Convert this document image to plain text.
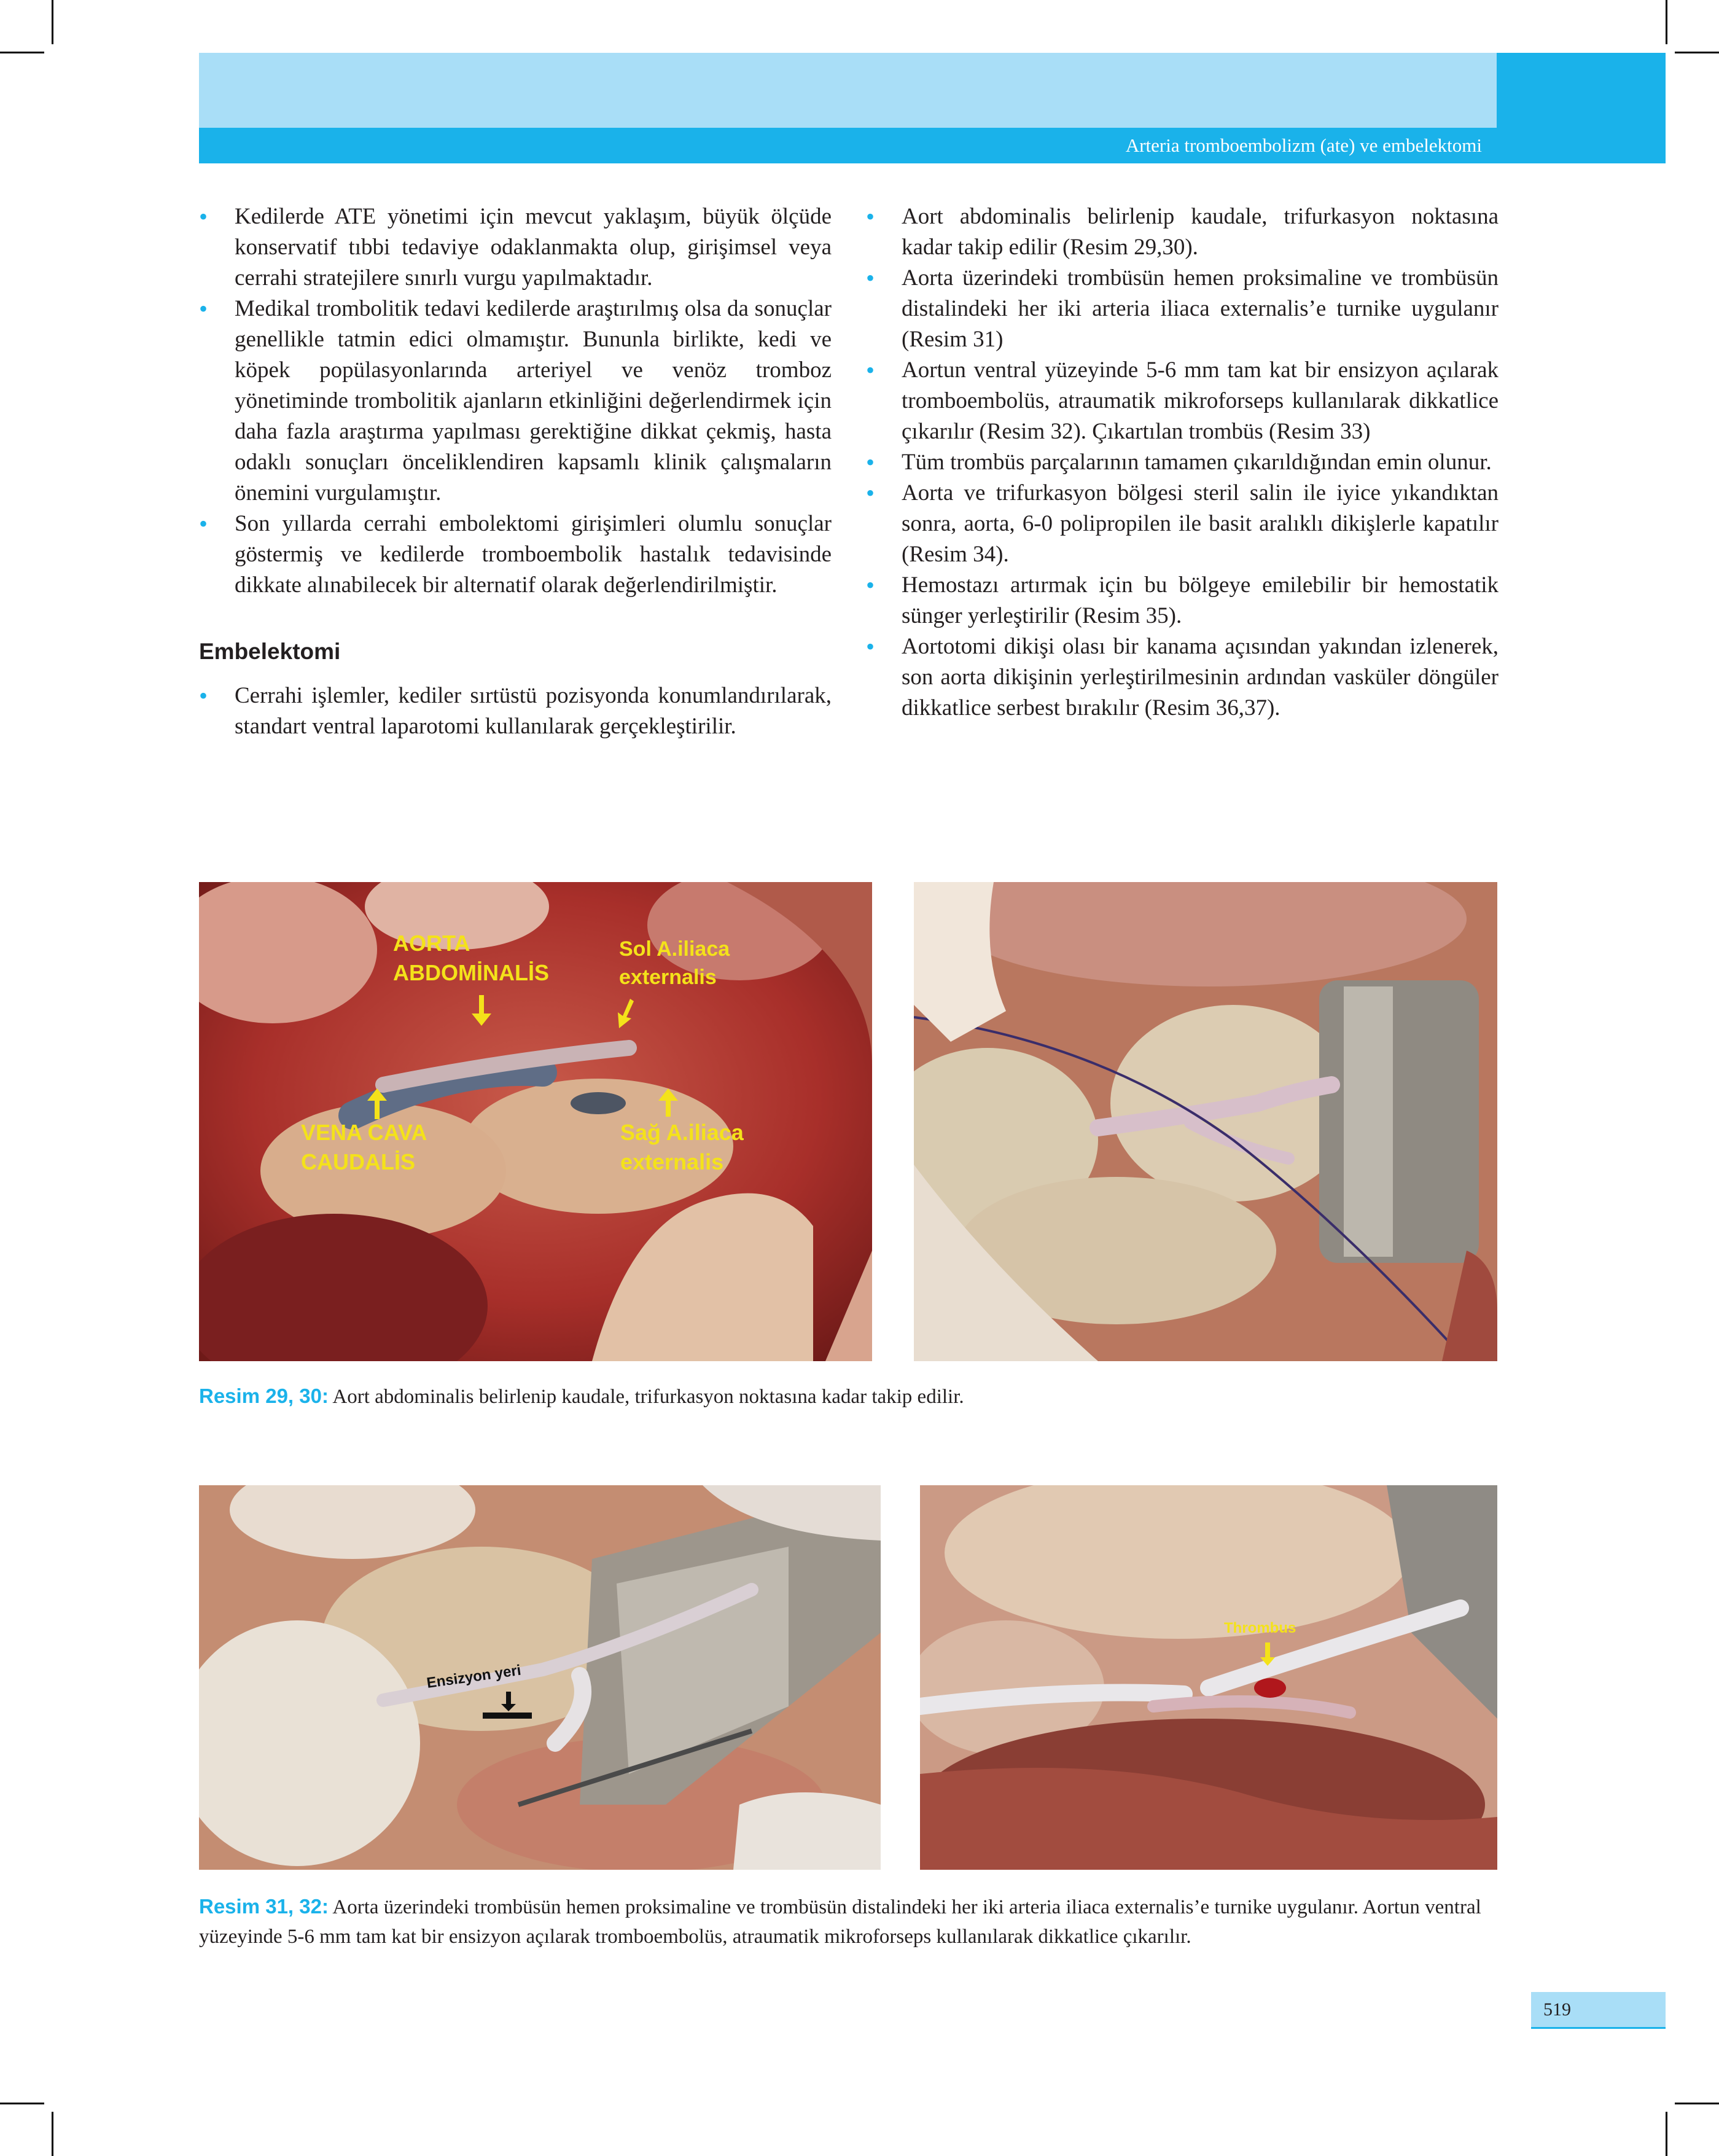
Arteria tromboembolizm (ate) ve embelektomi
• Kedilerde ATE yönetimi için mevcut yaklaşım, büyük ölçüde konservatif tıbbi tedaviye odaklanmakta olup, girişimsel veya cerrahi stratejilere sınırlı vurgu yapılmaktadır.
• Medikal trombolitik tedavi kedilerde araştırılmış olsa da sonuçlar genellikle tatmin edici olmamıştır. Bununla birlikte, kedi ve köpek popülasyonlarında arteriyel ve venöz tromboz yönetiminde trombolitik ajanların etkinliğini değerlendirmek için daha fazla araştırma yapılması gerektiğine dikkat çekmiş, hasta odaklı sonuçları önceliklendiren kapsamlı klinik çalışmaların önemini vurgulamıştır.
• Son yıllarda cerrahi embolektomi girişimleri olumlu sonuçlar göstermiş ve kedilerde tromboembolik hastalık tedavisinde dikkate alınabilecek bir alternatif olarak değerlendirilmiştir.
Embelektomi
• Cerrahi işlemler, kediler sırtüstü pozisyonda konumlandırılarak, standart ventral laparotomi kullanılarak gerçekleştirilir.
• Aort abdominalis belirlenip kaudale, trifurkasyon noktasına kadar takip edilir (Resim 29,30).
• Aorta üzerindeki trombüsün hemen proksimaline ve trombüsün distalindeki her iki arteria iliaca externalis’e turnike uygulanır (Resim 31)
• Aortun ventral yüzeyinde 5-6 mm tam kat bir ensizyon açılarak tromboembolüs, atraumatik mikroforseps kullanılarak dikkatlice çıkarılır (Resim 32). Çıkartılan trombüs (Resim 33)
• Tüm trombüs parçalarının tamamen çıkarıldığından emin olunur.
• Aorta ve trifurkasyon bölgesi steril salin ile iyice yıkandıktan sonra, aorta, 6-0 polipropilen ile basit aralıklı dikişlerle kapatılır (Resim 34).
• Hemostazı artırmak için bu bölgeye emilebilir bir hemostatik sünger yerleştirilir (Resim 35).
• Aortotomi dikişi olası bir kanama açısından yakından izlenerek, son aorta dikişinin yerleştirilmesinin ardından vasküler döngüler dikkatlice serbest bırakılır (Resim 36,37).
AORTA
ABDOMİNALİS
Sol A.iliaca
externalis
VENA CAVA
CAUDALİS
Sağ A.iliaca
externalis
Resim 29, 30: Aort abdominalis belirlenip kaudale, trifurkasyon noktasına kadar takip edilir.
Ensizyon yeri
Thrombus
Resim 31, 32: Aorta üzerindeki trombüsün hemen proksimaline ve trombüsün distalindeki her iki arteria iliaca externalis’e turnike uygulanır. Aortun ventral yüzeyinde 5-6 mm tam kat bir ensizyon açılarak tromboembolüs, atraumatik mikroforseps kullanılarak dikkatlice çıkarılır.
519
